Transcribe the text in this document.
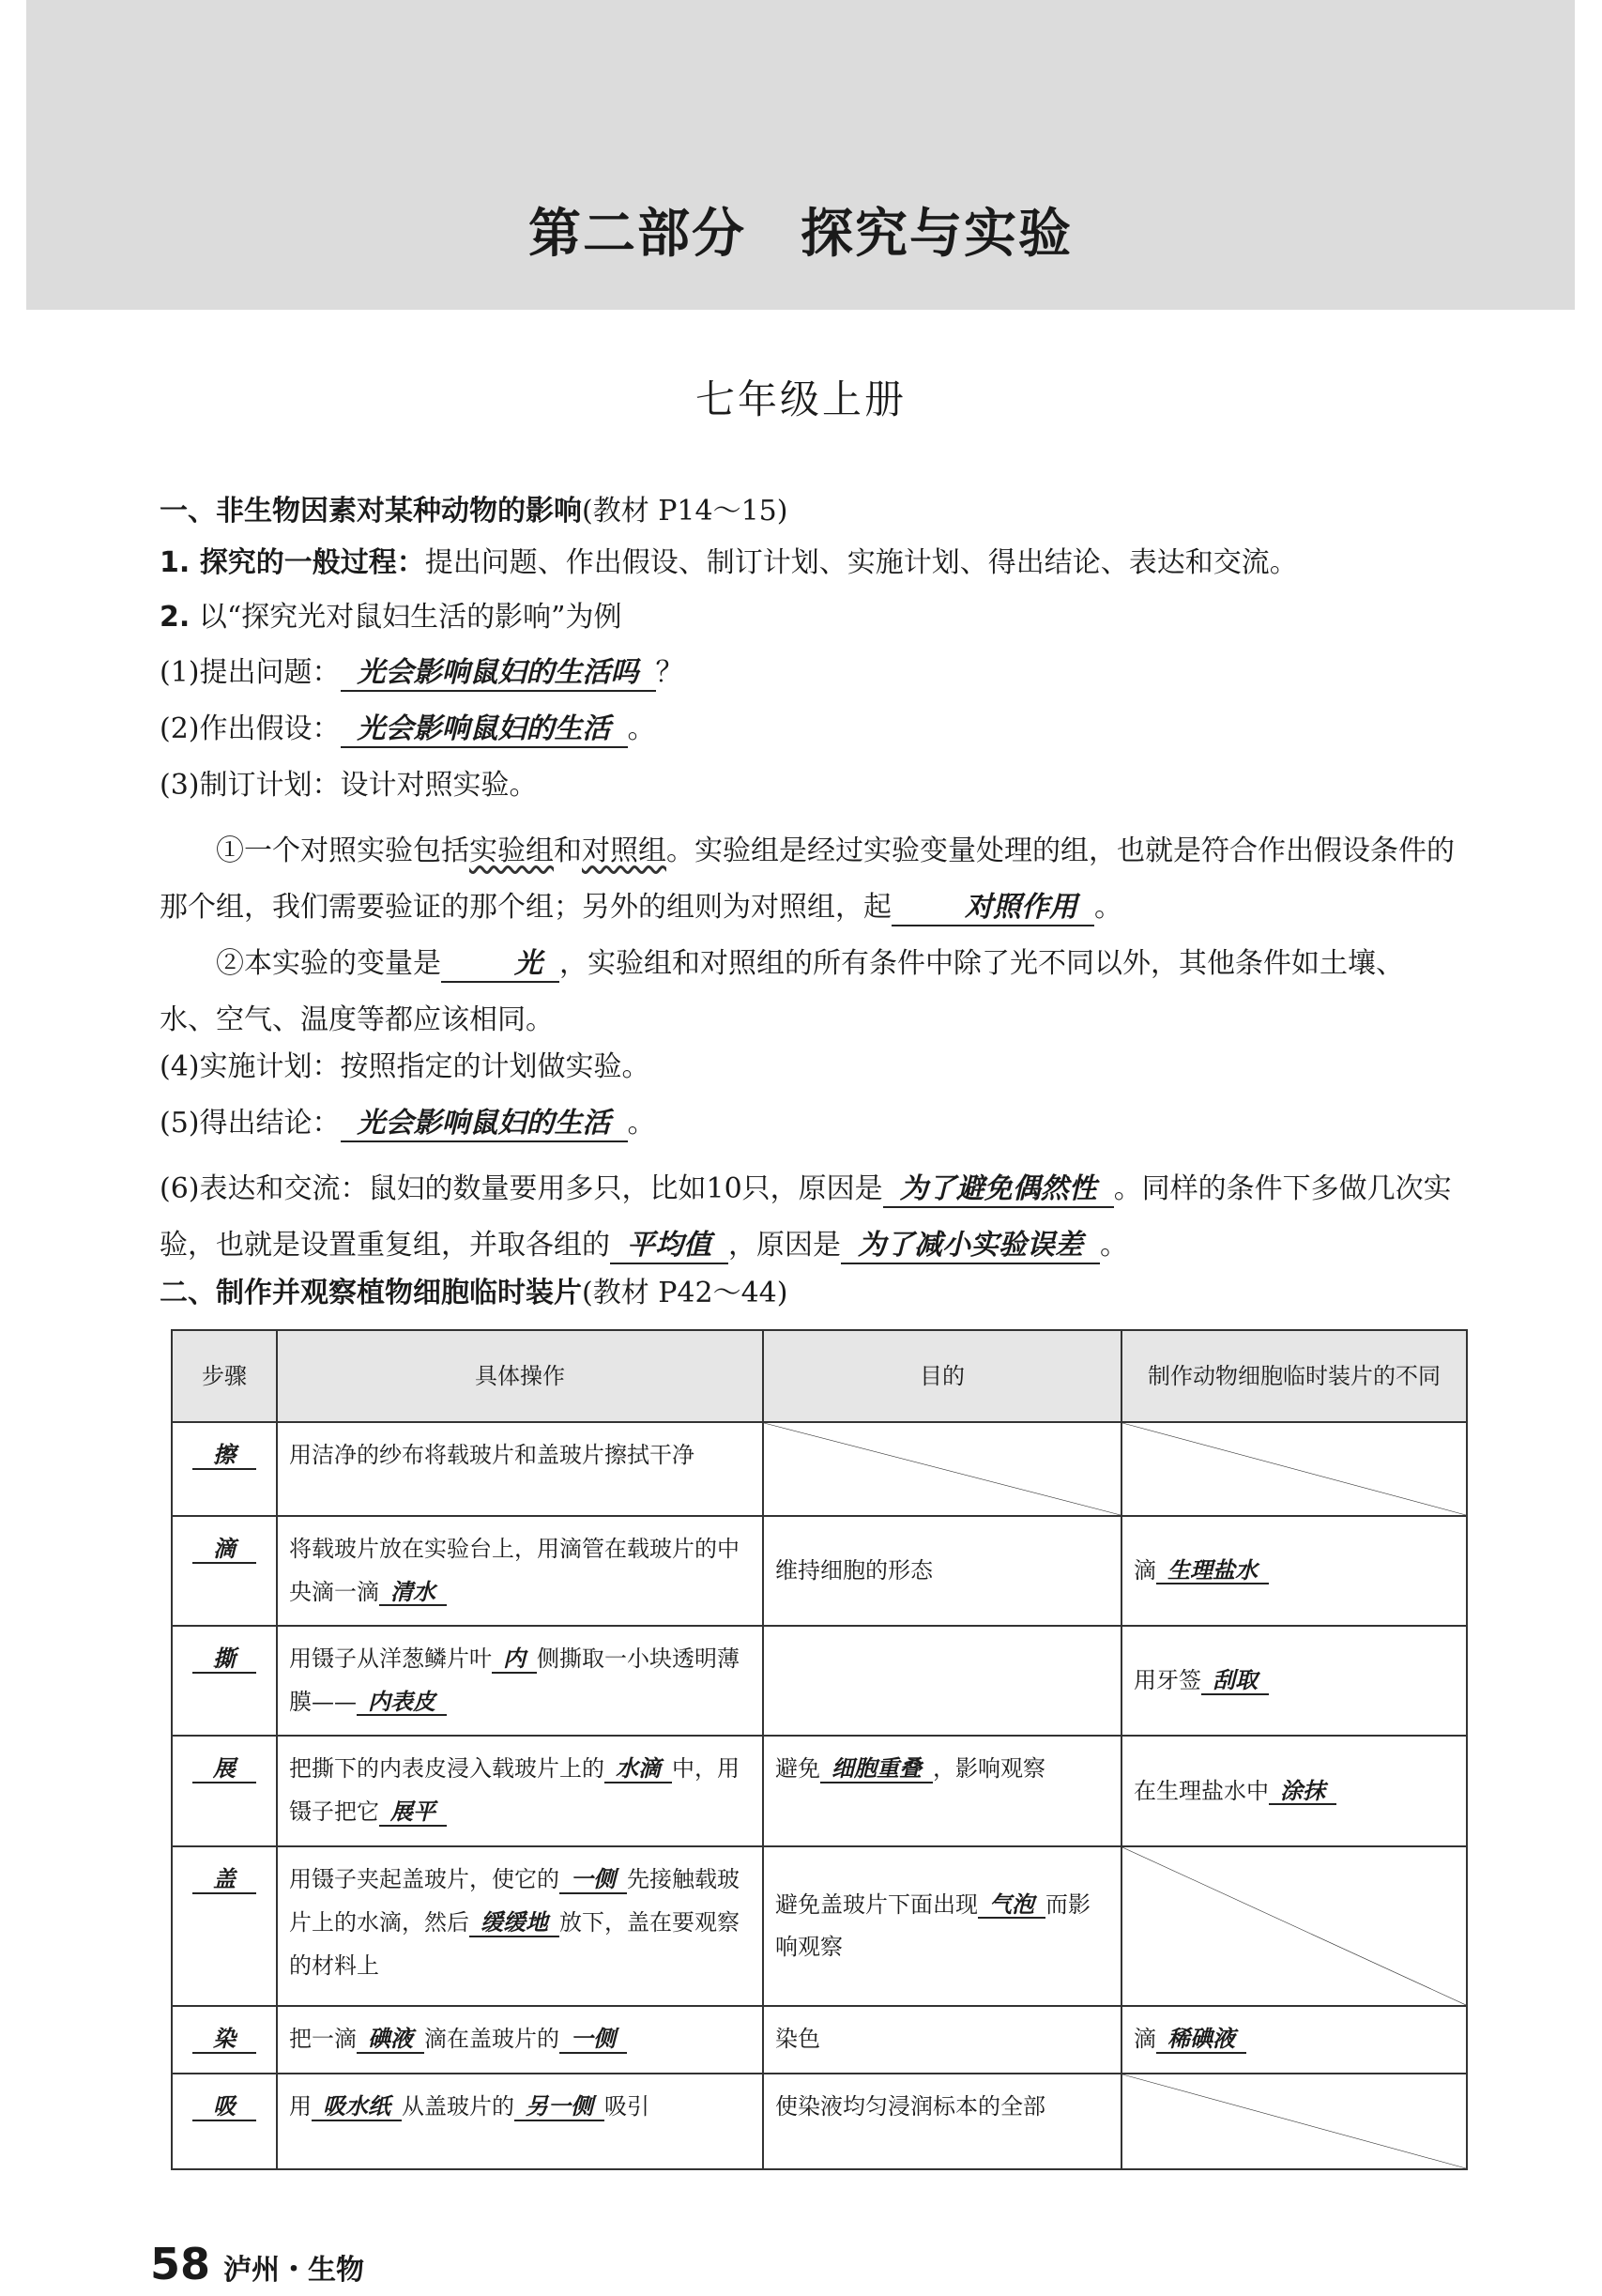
第二部分　探究与实验
七年级上册
一、非生物因素对某种动物的影响(教材 P14～15)
1. 探究的一般过程：提出问题、作出假设、制订计划、实施计划、得出结论、表达和交流。
2. 以“探究光对鼠妇生活的影响”为例
(1)提出问题： 光会影响鼠妇的生活吗 ？
(2)作出假设： 光会影响鼠妇的生活 。
(3)制订计划：设计对照实验。
①一个对照实验包括实验组和对照组。实验组是经过实验变量处理的组，也就是符合作出假设条件的那个组，我们需要验证的那个组；另外的组则为对照组，起	对照作用 。
②本实验的变量是	光 ，实验组和对照组的所有条件中除了光不同以外，其他条件如土壤、水、空气、温度等都应该相同。
(4)实施计划：按照指定的计划做实验。
(5)得出结论： 光会影响鼠妇的生活 。
(6)表达和交流：鼠妇的数量要用多只，比如10只，原因是 为了避免偶然性 。同样的条件下多做几次实验，也就是设置重复组，并取各组的 平均值 ，原因是 为了减小实验误差 。
二、制作并观察植物细胞临时装片(教材 P42～44)
步骤	具体操作	目的	制作动物细胞临时装片的不同
擦	用洁净的纱布将载玻片和盖玻片擦拭干净	

滴	将载玻片放在实验台上，用滴管在载玻片的中央滴一滴 清水	维持细胞的形态	滴 生理盐水
撕	用镊子从洋葱鳞片叶 内 侧撕取一小块透明薄膜—— 内表皮		用牙签 刮取
展	把撕下的内表皮浸入载玻片上的 水滴 中，用镊子把它 展平	避免 细胞重叠 ，影响观察	在生理盐水中 涂抹
盖	用镊子夹起盖玻片，使它的 一侧 先接触载玻片上的水滴，然后 缓缓地 放下，盖在要观察的材料上	避免盖玻片下面出现 气泡 而影响观察	

染	把一滴 碘液 滴在盖玻片的 一侧	染色	滴 稀碘液
吸	用 吸水纸 从盖玻片的 另一侧 吸引	使染液均匀浸润标本的全部	
58 泸州・生物
